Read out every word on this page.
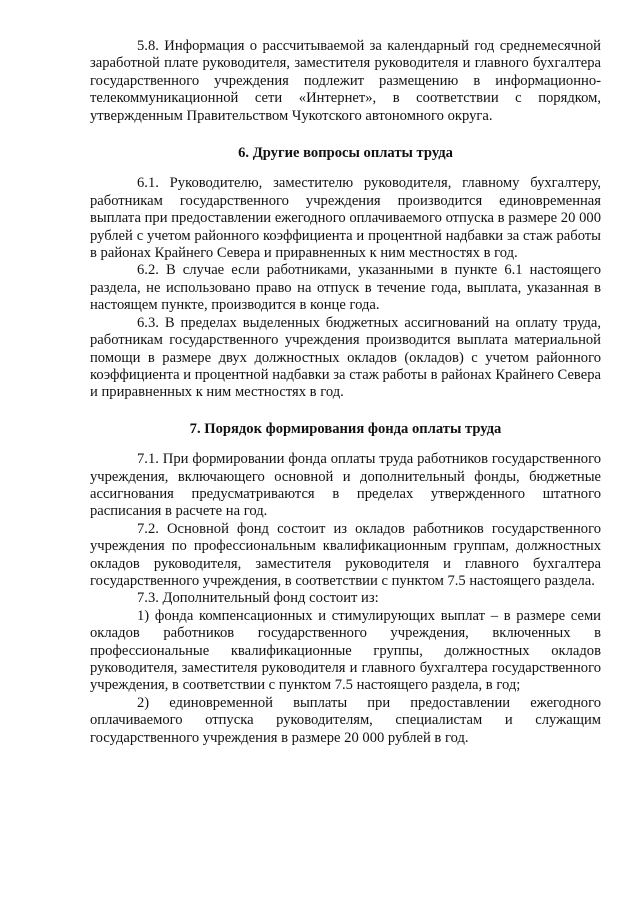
5.8. Информация о рассчитываемой за календарный год среднемесячной заработной плате руководителя, заместителя руководителя и главного бухгалтера государственного учреждения подлежит размещению в информационно-телекоммуникационной сети «Интернет», в соответствии с порядком, утвержденным Правительством Чукотского автономного округа.

6. Другие вопросы оплаты труда

6.1. Руководителю, заместителю руководителя, главному бухгалтеру, работникам государственного учреждения производится единовременная выплата при предоставлении ежегодного оплачиваемого отпуска в размере 20 000 рублей с учетом районного коэффициента и процентной надбавки за стаж работы в районах Крайнего Севера и приравненных к ним местностях в год.

6.2. В случае если работниками, указанными в пункте 6.1 настоящего раздела, не использовано право на отпуск в течение года, выплата, указанная в настоящем пункте, производится в конце года.

6.3. В пределах выделенных бюджетных ассигнований на оплату труда, работникам государственного учреждения производится выплата материальной помощи в размере двух должностных окладов (окладов) с учетом районного коэффициента и процентной надбавки за стаж работы в районах Крайнего Севера и приравненных к ним местностях в год.

7. Порядок формирования фонда оплаты труда

7.1. При формировании фонда оплаты труда работников государственного учреждения, включающего основной и дополнительный фонды, бюджетные ассигнования предусматриваются в пределах утвержденного штатного расписания в расчете на год.

7.2. Основной фонд состоит из окладов работников государственного учреждения по профессиональным квалификационным группам, должностных окладов руководителя, заместителя руководителя и главного бухгалтера государственного учреждения, в соответствии с пунктом 7.5 настоящего раздела.

7.3. Дополнительный фонд состоит из:

1) фонда компенсационных и стимулирующих выплат – в размере семи окладов работников государственного учреждения, включенных в профессиональные квалификационные группы, должностных окладов руководителя, заместителя руководителя и главного бухгалтера государственного учреждения, в соответствии с пунктом 7.5 настоящего раздела, в год;

2) единовременной выплаты при предоставлении ежегодного оплачиваемого отпуска руководителям, специалистам и служащим государственного учреждения в размере 20 000 рублей в год.
